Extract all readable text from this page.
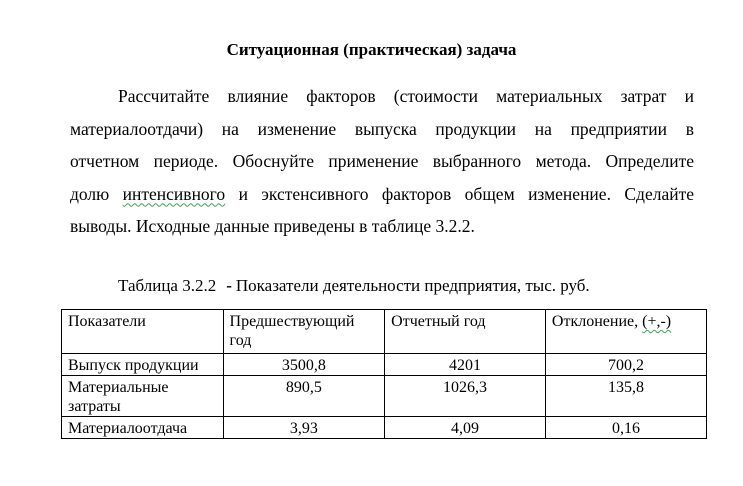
Ситуационная (практическая) задача
Рассчитайте влияние факторов (стоимости материальных затрат и
материалоотдачи) на изменение выпуска продукции на предприятии в
отчетном периоде. Обоснуйте применение выбранного метода. Определите
долю интенсивного и экстенсивного факторов общем изменение. Сделайте
выводы. Исходные данные приведены в таблице 3.2.2.
Таблица 3.2.2 - Показатели деятельности предприятия, тыс. руб.
Показатели	Предшествующий год	Отчетный год	Отклонение, (+,-)
Выпуск продукции	3500,8	4201	700,2
Материальные затраты	890,5	1026,3	135,8
Материалоотдача	3,93	4,09	0,16
